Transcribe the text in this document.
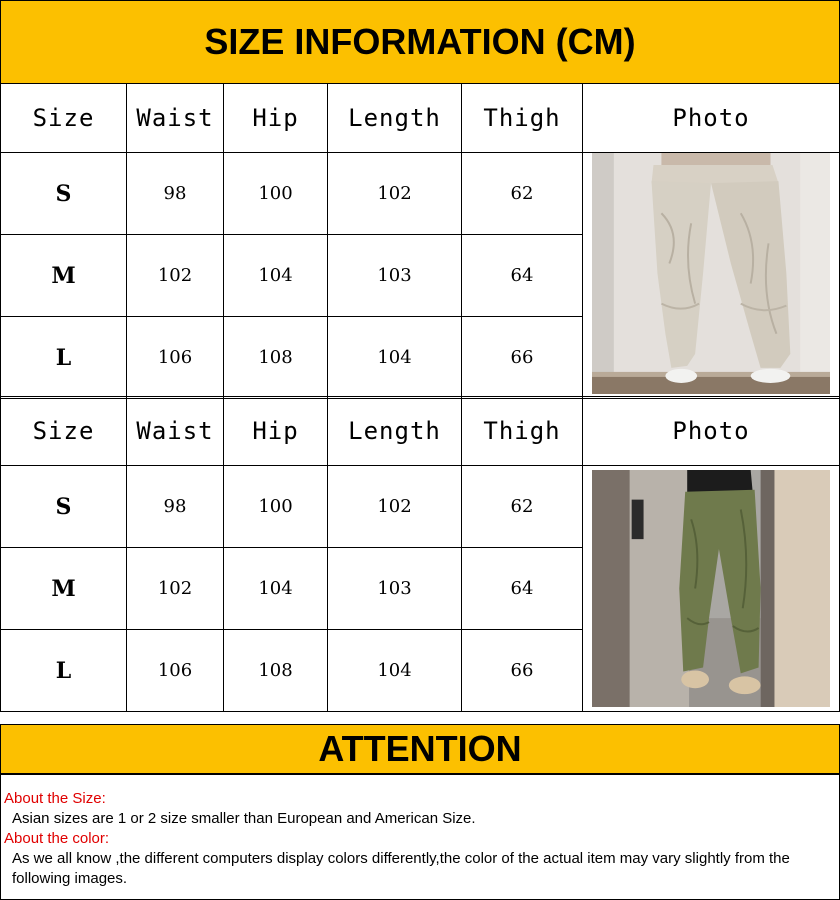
SIZE INFORMATION (CM)
Size	Waist	Hip	Length	Thigh	Photo
S	98	100	102	62	

M	102	104	103	64	
L	106	108	104	66	
Size	Waist	Hip	Length	Thigh	Photo
S	98	100	102	62	

M	102	104	103	64	
L	106	108	104	66	
ATTENTION
About the Size:
Asian sizes are 1 or 2 size smaller than European and American Size.
About the color:
As we all know ,the different computers display colors differently,the color of the actual item may vary slightly from the following images.
